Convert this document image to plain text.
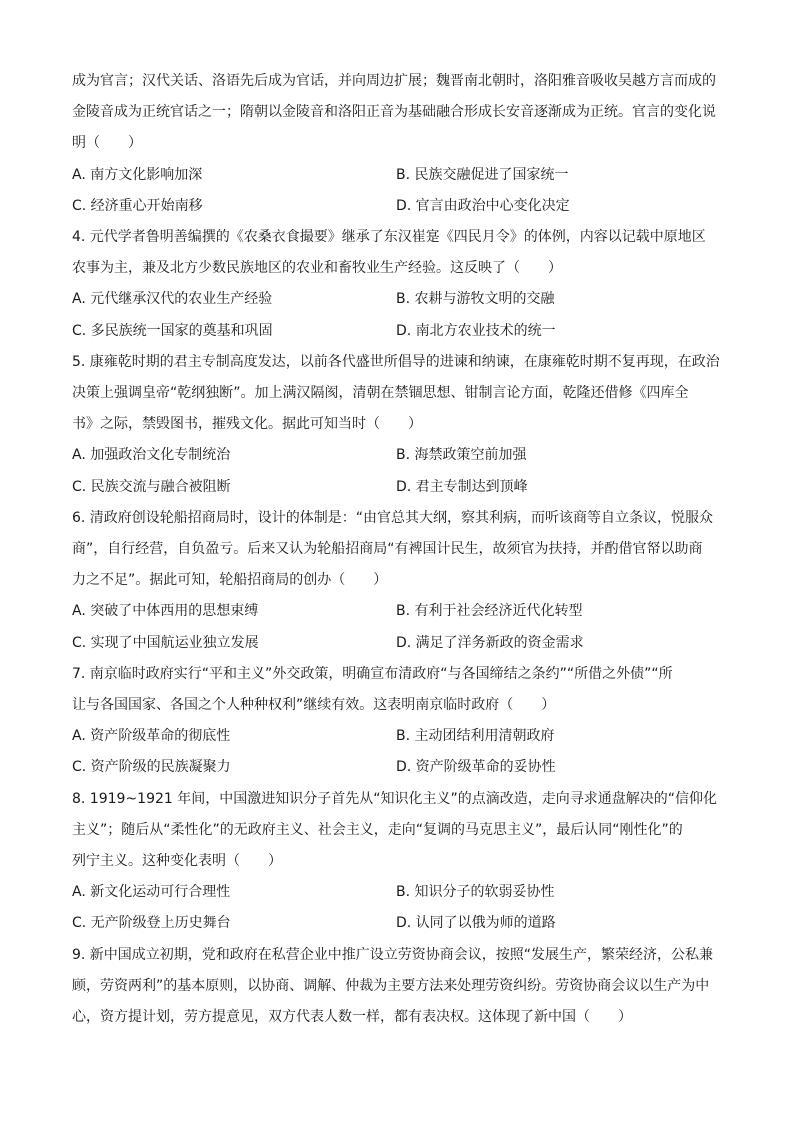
成为官言；汉代关话、洛语先后成为官话，并向周边扩展；魏晋南北朝时，洛阳雅音吸收吴越方言而成的
金陵音成为正统官话之一；隋朝以金陵音和洛阳正音为基础融合形成长安音逐渐成为正统。官言的变化说
明（　　）

A. 南方文化影响加深	B. 民族交融促进了国家统一
C. 经济重心开始南移	D. 官言由政治中心变化决定

4. 元代学者鲁明善编撰的《农桑衣食撮要》继承了东汉崔寔《四民月令》的体例，内容以记载中原地区
农事为主，兼及北方少数民族地区的农业和畜牧业生产经验。这反映了（　　）

A. 元代继承汉代的农业生产经验	B. 农耕与游牧文明的交融
C. 多民族统一国家的奠基和巩固	D. 南北方农业技术的统一

5. 康雍乾时期的君主专制高度发达，以前各代盛世所倡导的进谏和纳谏，在康雍乾时期不复再现，在政治
决策上强调皇帝“乾纲独断”。加上满汉隔阂，清朝在禁锢思想、钳制言论方面，乾隆还借修《四库全
书》之际，禁毁图书，摧残文化。据此可知当时（　　）

A. 加强政治文化专制统治	B. 海禁政策空前加强
C. 民族交流与融合被阻断	D. 君主专制达到顶峰

6. 清政府创设轮船招商局时，设计的体制是：“由官总其大纲，察其利病，而听该商等自立条议，悦服众
商”，自行经营，自负盈亏。后来又认为轮船招商局“有裨国计民生，故须官为扶持，并酌借官帑以助商
力之不足”。据此可知，轮船招商局的创办（　　）

A. 突破了中体西用的思想束缚	B. 有利于社会经济近代化转型
C. 实现了中国航运业独立发展	D. 满足了洋务新政的资金需求

7. 南京临时政府实行“平和主义”外交政策，明确宣布清政府“与各国缔结之条约”“所借之外债”“所
让与各国国家、各国之个人种种权利”继续有效。这表明南京临时政府（　　）

A. 资产阶级革命的彻底性	B. 主动团结利用清朝政府
C. 资产阶级的民族凝聚力	D. 资产阶级革命的妥协性

8. 1919~1921 年间，中国激进知识分子首先从“知识化主义”的点滴改造，走向寻求通盘解决的“信仰化
主义”；随后从“柔性化”的无政府主义、社会主义，走向“复调的马克思主义”，最后认同“刚性化”的
列宁主义。这种变化表明（　　）

A. 新文化运动可行合理性	B. 知识分子的软弱妥协性
C. 无产阶级登上历史舞台	D. 认同了以俄为师的道路

9. 新中国成立初期，党和政府在私营企业中推广设立劳资协商会议，按照“发展生产，繁荣经济，公私兼
顾，劳资两利”的基本原则，以协商、调解、仲裁为主要方法来处理劳资纠纷。劳资协商会议以生产为中
心，资方提计划，劳方提意见，双方代表人数一样，都有表决权。这体现了新中国（　　）
